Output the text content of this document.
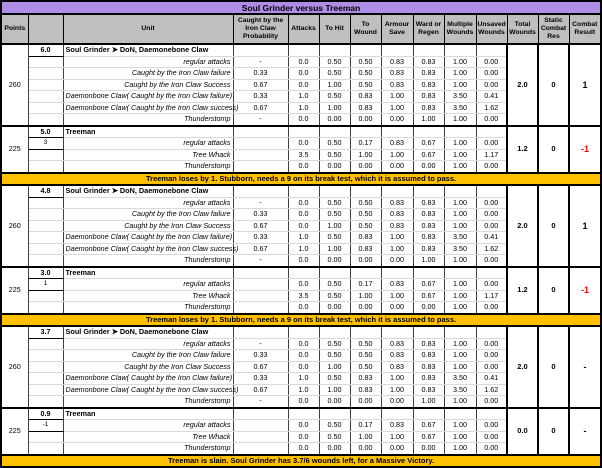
Soul Grinder versus Treeman													
Points		Unit	Caught by the Iron Claw Probability	Attacks	To Hit	To Wound	Armour Save	Ward or Regen	Multiple Wounds	Unsaved Wounds	Total Wounds	Static Combat Res	Combat Result
260	6.0	Soul Grinder ➤ DoN, Daemonebone Claw									2.0	0	1
		regular attacks	-	0.0	0.50	0.50	0.83	0.83	1.00	0.00			
		Caught by the Iron Claw failure	0.33	0.0	0.50	0.50	0.83	0.83	1.00	0.00			
		Caught by the Iron Claw Success	0.67	0.0	1.00	0.50	0.83	0.83	1.00	0.00			
		Daemonbone Claw( Caught by the Iron Claw failure)	0.33	1.0	0.50	0.83	1.00	0.83	3.50	0.41			
		Daemonbone Claw( Caught by the Iron Claw success)	0.67	1.0	1.00	0.83	1.00	0.83	3.50	1.62			
		Thunderstomp	-	0.0	0.00	0.00	0.00	1.00	1.00	0.00			
225	5.0	Treeman									1.2	0	-1
	3	regular attacks		0.0	0.50	0.17	0.83	0.67	1.00	0.00			
		Tree Whack		3.5	0.50	1.00	1.00	0.67	1.00	1.17			
		Thunderstomp		0.0	0.00	0.00	0.00	0.00	1.00	0.00			
Treeman loses by 1. Stubborn, needs a 9 on its break test, which it is assumed to pass.													
260	4.8	Soul Grinder ➤ DoN, Daemonebone Claw									2.0	0	1
		regular attacks	-	0.0	0.50	0.50	0.83	0.83	1.00	0.00			
		Caught by the Iron Claw failure	0.33	0.0	0.50	0.50	0.83	0.83	1.00	0.00			
		Caught by the Iron Claw Success	0.67	0.0	1.00	0.50	0.83	0.83	1.00	0.00			
		Daemonbone Claw( Caught by the Iron Claw failure)	0.33	1.0	0.50	0.83	1.00	0.83	3.50	0.41			
		Daemonbone Claw( Caught by the Iron Claw success)	0.67	1.0	1.00	0.83	1.00	0.83	3.50	1.62			
		Thunderstomp	-	0.0	0.00	0.00	0.00	1.00	1.00	0.00			
225	3.0	Treeman									1.2	0	-1
	1	regular attacks		0.0	0.50	0.17	0.83	0.67	1.00	0.00			
		Tree Whack		3.5	0.50	1.00	1.00	0.67	1.00	1.17			
		Thunderstomp		0.0	0.00	0.00	0.00	0.00	1.00	0.00			
Treeman loses by 1. Stubborn, needs a 9 on its break test, which it is assumed to pass.													
260	3.7	Soul Grinder ➤ DoN, Daemonebone Claw									2.0	0	-
		regular attacks	-	0.0	0.50	0.50	0.83	0.83	1.00	0.00			
		Caught by the Iron Claw failure	0.33	0.0	0.50	0.50	0.83	0.83	1.00	0.00			
		Caught by the Iron Claw Success	0.67	0.0	1.00	0.50	0.83	0.83	1.00	0.00			
		Daemonbone Claw( Caught by the Iron Claw failure)	0.33	1.0	0.50	0.83	1.00	0.83	3.50	0.41			
		Daemonbone Claw( Caught by the Iron Claw success)	0.67	1.0	1.00	0.83	1.00	0.83	3.50	1.62			
		Thunderstomp	-	0.0	0.00	0.00	0.00	1.00	1.00	0.00			
225	0.9	Treeman									0.0	0	-
	-1	regular attacks		0.0	0.50	0.17	0.83	0.67	1.00	0.00			
		Tree Whack		0.0	0.50	1.00	1.00	0.67	1.00	0.00			
		Thunderstomp		0.0	0.00	0.00	0.00	0.00	1.00	0.00			
Treeman is slain. Soul Grinder has 3.7/6 wounds left, for a Massive Victory.													
